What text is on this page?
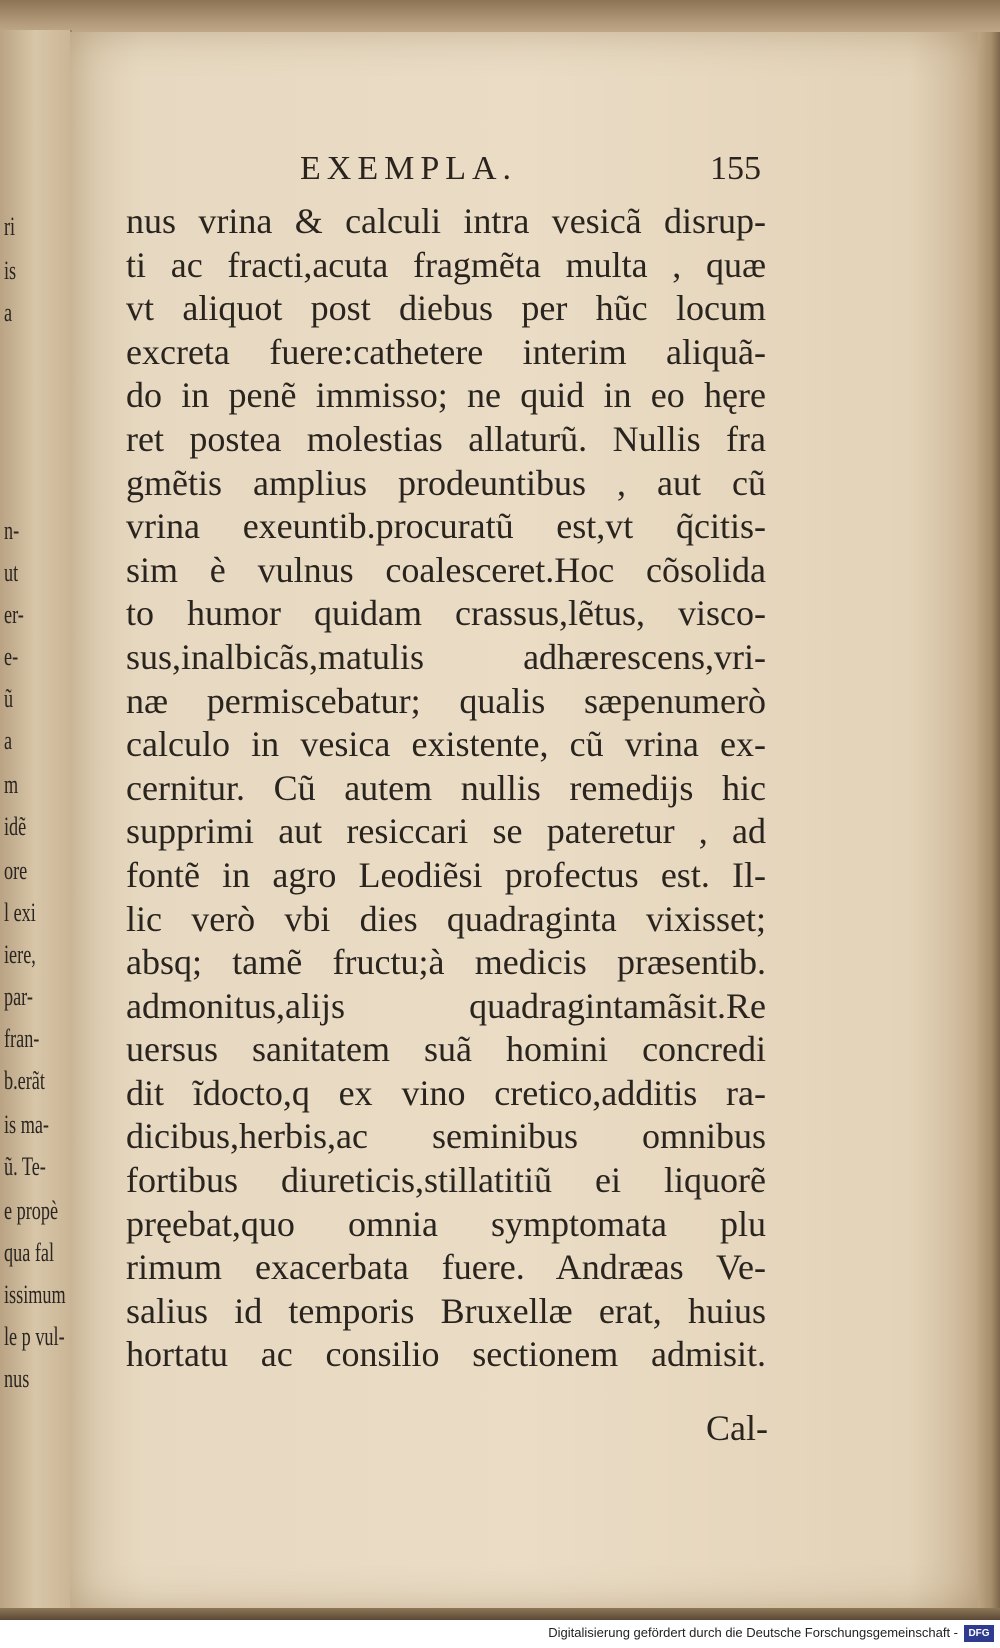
ri
is
a
n-
ut
er-
e-
ũ
a
m
idẽ
ore
l exi
iere,
par-
fran-
b.erãt
is ma-
ũ. Te-
e propè
qua fal
issimum
le p vul-
nus
EXEMPLA.	155
nus vrina & calculi intra vesicã disrup-
ti ac fracti,acuta fragmẽta multa , quæ
vt aliquot post diebus per hũc locum
excreta fuere:cathetere interim aliquã-
do in penẽ immisso; ne quid in eo hęre
ret postea molestias allaturũ. Nullis fra
gmẽtis amplius prodeuntibus , aut cũ
vrina exeuntib.procuratũ est,vt q̃citis-
sim è vulnus coalesceret.Hoc cõsolida
to humor quidam crassus,lẽtus, visco-
sus,inalbicãs,matulis adhærescens,vri-
næ permiscebatur; qualis sæpenumerò
calculo in vesica existente, cũ vrina ex-
cernitur. Cũ autem nullis remedijs hic
supprimi aut resiccari se pateretur , ad
fontẽ in agro Leodiẽsi profectus est. Il-
lic verò vbi dies quadraginta vixisset;
absq; tamẽ fructu;à medicis præsentib.
admonitus,alijs quadragintamãsit.Re
uersus sanitatem suã homini concredi
dit ĩdocto,q ex vino cretico,additis ra-
dicibus,herbis,ac seminibus omnibus
fortibus diureticis,stillatitiũ ei liquorẽ
pręebat,quo omnia symptomata plu
rimum exacerbata fuere. Andræas Ve-
salius id temporis Bruxellæ erat, huius
hortatu ac consilio sectionem admisit.
Cal-
Digitalisierung gefördert durch die Deutsche Forschungsgemeinschaft -	DFG
